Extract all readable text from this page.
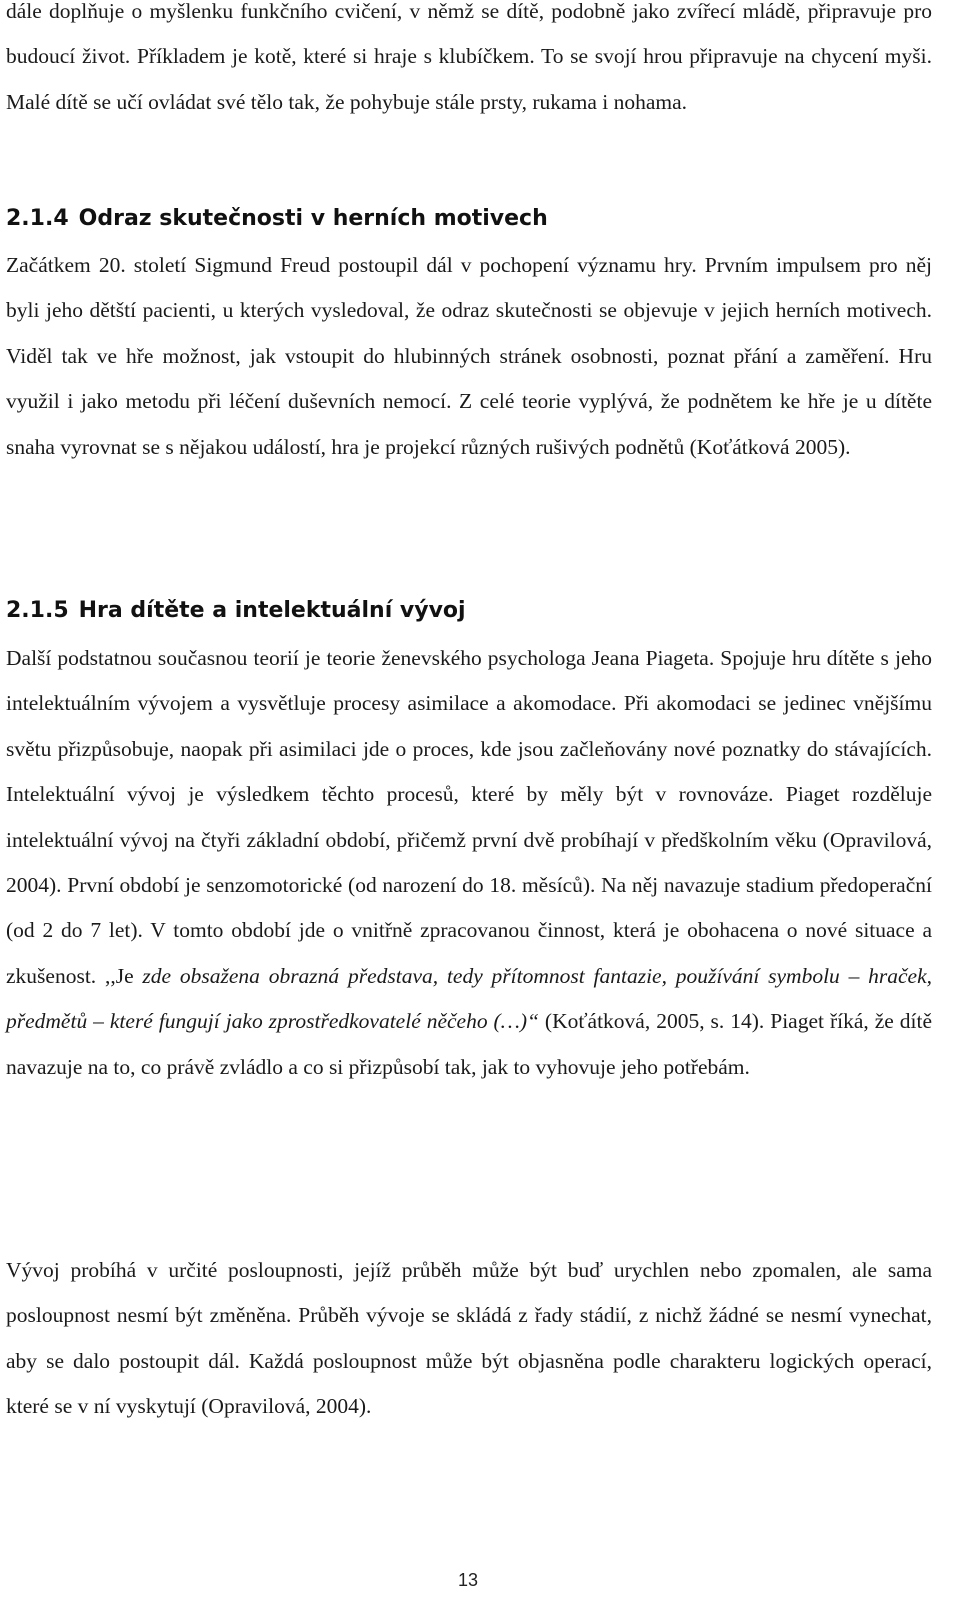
dále doplňuje o myšlenku funkčního cvičení, v němž se dítě, podobně jako zvířecí mládě, připravuje pro budoucí život. Příkladem je kotě, které si hraje s klubíčkem. To se svojí hrou připravuje na chycení myši. Malé dítě se učí ovládat své tělo tak, že pohybuje stále prsty, rukama i nohama.

2.1.4 Odraz skutečnosti v herních motivech

Začátkem 20. století Sigmund Freud postoupil dál v pochopení významu hry. Prvním impulsem pro něj byli jeho dětští pacienti, u kterých vysledoval, že odraz skutečnosti se objevuje v jejich herních motivech. Viděl tak ve hře možnost, jak vstoupit do hlubinných stránek osobnosti, poznat přání a zaměření. Hru využil i jako metodu při léčení duševních nemocí. Z celé teorie vyplývá, že podnětem ke hře je u dítěte snaha vyrovnat se s nějakou událostí, hra je projekcí různých rušivých podnětů (Koťátková 2005).

2.1.5 Hra dítěte a intelektuální vývoj

Další podstatnou současnou teorií je teorie ženevského psychologa Jeana Piageta. Spojuje hru dítěte s jeho intelektuálním vývojem a vysvětluje procesy asimilace a akomodace. Při akomodaci se jedinec vnějšímu světu přizpůsobuje, naopak při asimilaci jde o proces, kde jsou začleňovány nové poznatky do stávajících. Intelektuální vývoj je výsledkem těchto procesů, které by měly být v rovnováze. Piaget rozděluje intelektuální vývoj na čtyři základní období, přičemž první dvě probíhají v předškolním věku (Opravilová, 2004). První období je senzomotorické (od narození do 18. měsíců). Na něj navazuje stadium předoperační (od 2 do 7 let). V tomto období jde o vnitřně zpracovanou činnost, která je obohacena o nové situace a zkušenost. ,,Je zde obsažena obrazná představa, tedy přítomnost fantazie, používání symbolu – hraček, předmětů – které fungují jako zprostředkovatelé něčeho (…)“ (Koťátková, 2005, s. 14). Piaget říká, že dítě navazuje na to, co právě zvládlo a co si přizpůsobí tak, jak to vyhovuje jeho potřebám.

Vývoj probíhá v určité posloupnosti, jejíž průběh může být buď urychlen nebo zpomalen, ale sama posloupnost nesmí být změněna. Průběh vývoje se skládá z řady stádií, z nichž žádné se nesmí vynechat, aby se dalo postoupit dál. Každá posloupnost může být objasněna podle charakteru logických operací, které se v ní vyskytují (Opravilová, 2004).

13
